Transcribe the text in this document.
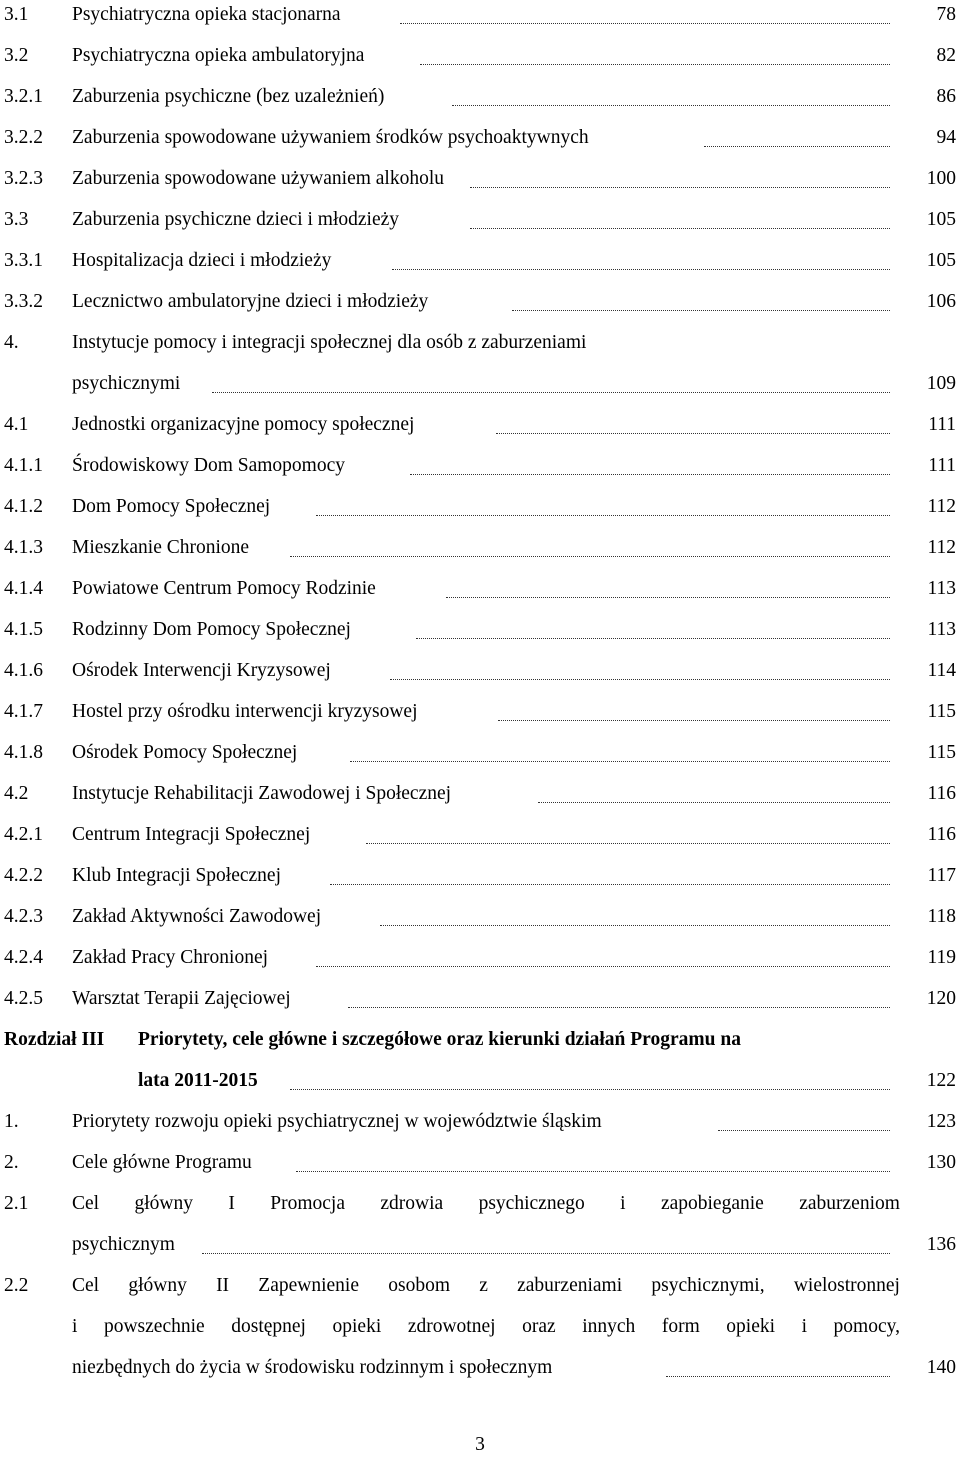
3.1 Psychiatryczna opieka stacjonarna	78
3.2 Psychiatryczna opieka ambulatoryjna	82
3.2.1 Zaburzenia psychiczne (bez uzależnień)	86
3.2.2 Zaburzenia spowodowane używaniem środków psychoaktywnych	94
3.2.3 Zaburzenia spowodowane używaniem alkoholu	100
3.3 Zaburzenia psychiczne dzieci i młodzieży	105
3.3.1 Hospitalizacja dzieci i młodzieży	105
3.3.2 Lecznictwo ambulatoryjne dzieci i młodzieży	106
4.	Instytucje pomocy i integracji społecznej dla osób z zaburzeniami
psychicznymi	109
4.1 Jednostki organizacyjne pomocy społecznej	111
4.1.1 Środowiskowy Dom Samopomocy	111
4.1.2 Dom Pomocy Społecznej	112
4.1.3 Mieszkanie Chronione	112
4.1.4 Powiatowe Centrum Pomocy Rodzinie	113
4.1.5 Rodzinny Dom Pomocy Społecznej	113
4.1.6 Ośrodek Interwencji Kryzysowej	114
4.1.7 Hostel przy ośrodku interwencji kryzysowej	115
4.1.8 Ośrodek Pomocy Społecznej	115
4.2 Instytucje Rehabilitacji Zawodowej i Społecznej	116
4.2.1 Centrum Integracji Społecznej	116
4.2.2 Klub Integracji Społecznej	117
4.2.3 Zakład Aktywności Zawodowej	118
4.2.4 Zakład Pracy Chronionej	119
4.2.5 Warsztat Terapii Zajęciowej	120
Rozdział III Priorytety, cele główne i szczegółowe oraz kierunki działań Programu na
lata 2011-2015	122
1.	Priorytety rozwoju opieki psychiatrycznej w województwie śląskim	123
2.	Cele główne Programu	130
2.1 Cel główny I Promocja zdrowia psychicznego i zapobieganie zaburzeniom
psychicznym	136
2.2 Cel główny II Zapewnienie osobom z zaburzeniami psychicznymi, wielostronnej
i powszechnie dostępnej opieki zdrowotnej oraz innych form opieki i pomocy,
niezbędnych do życia w środowisku rodzinnym i społecznym	140
3
